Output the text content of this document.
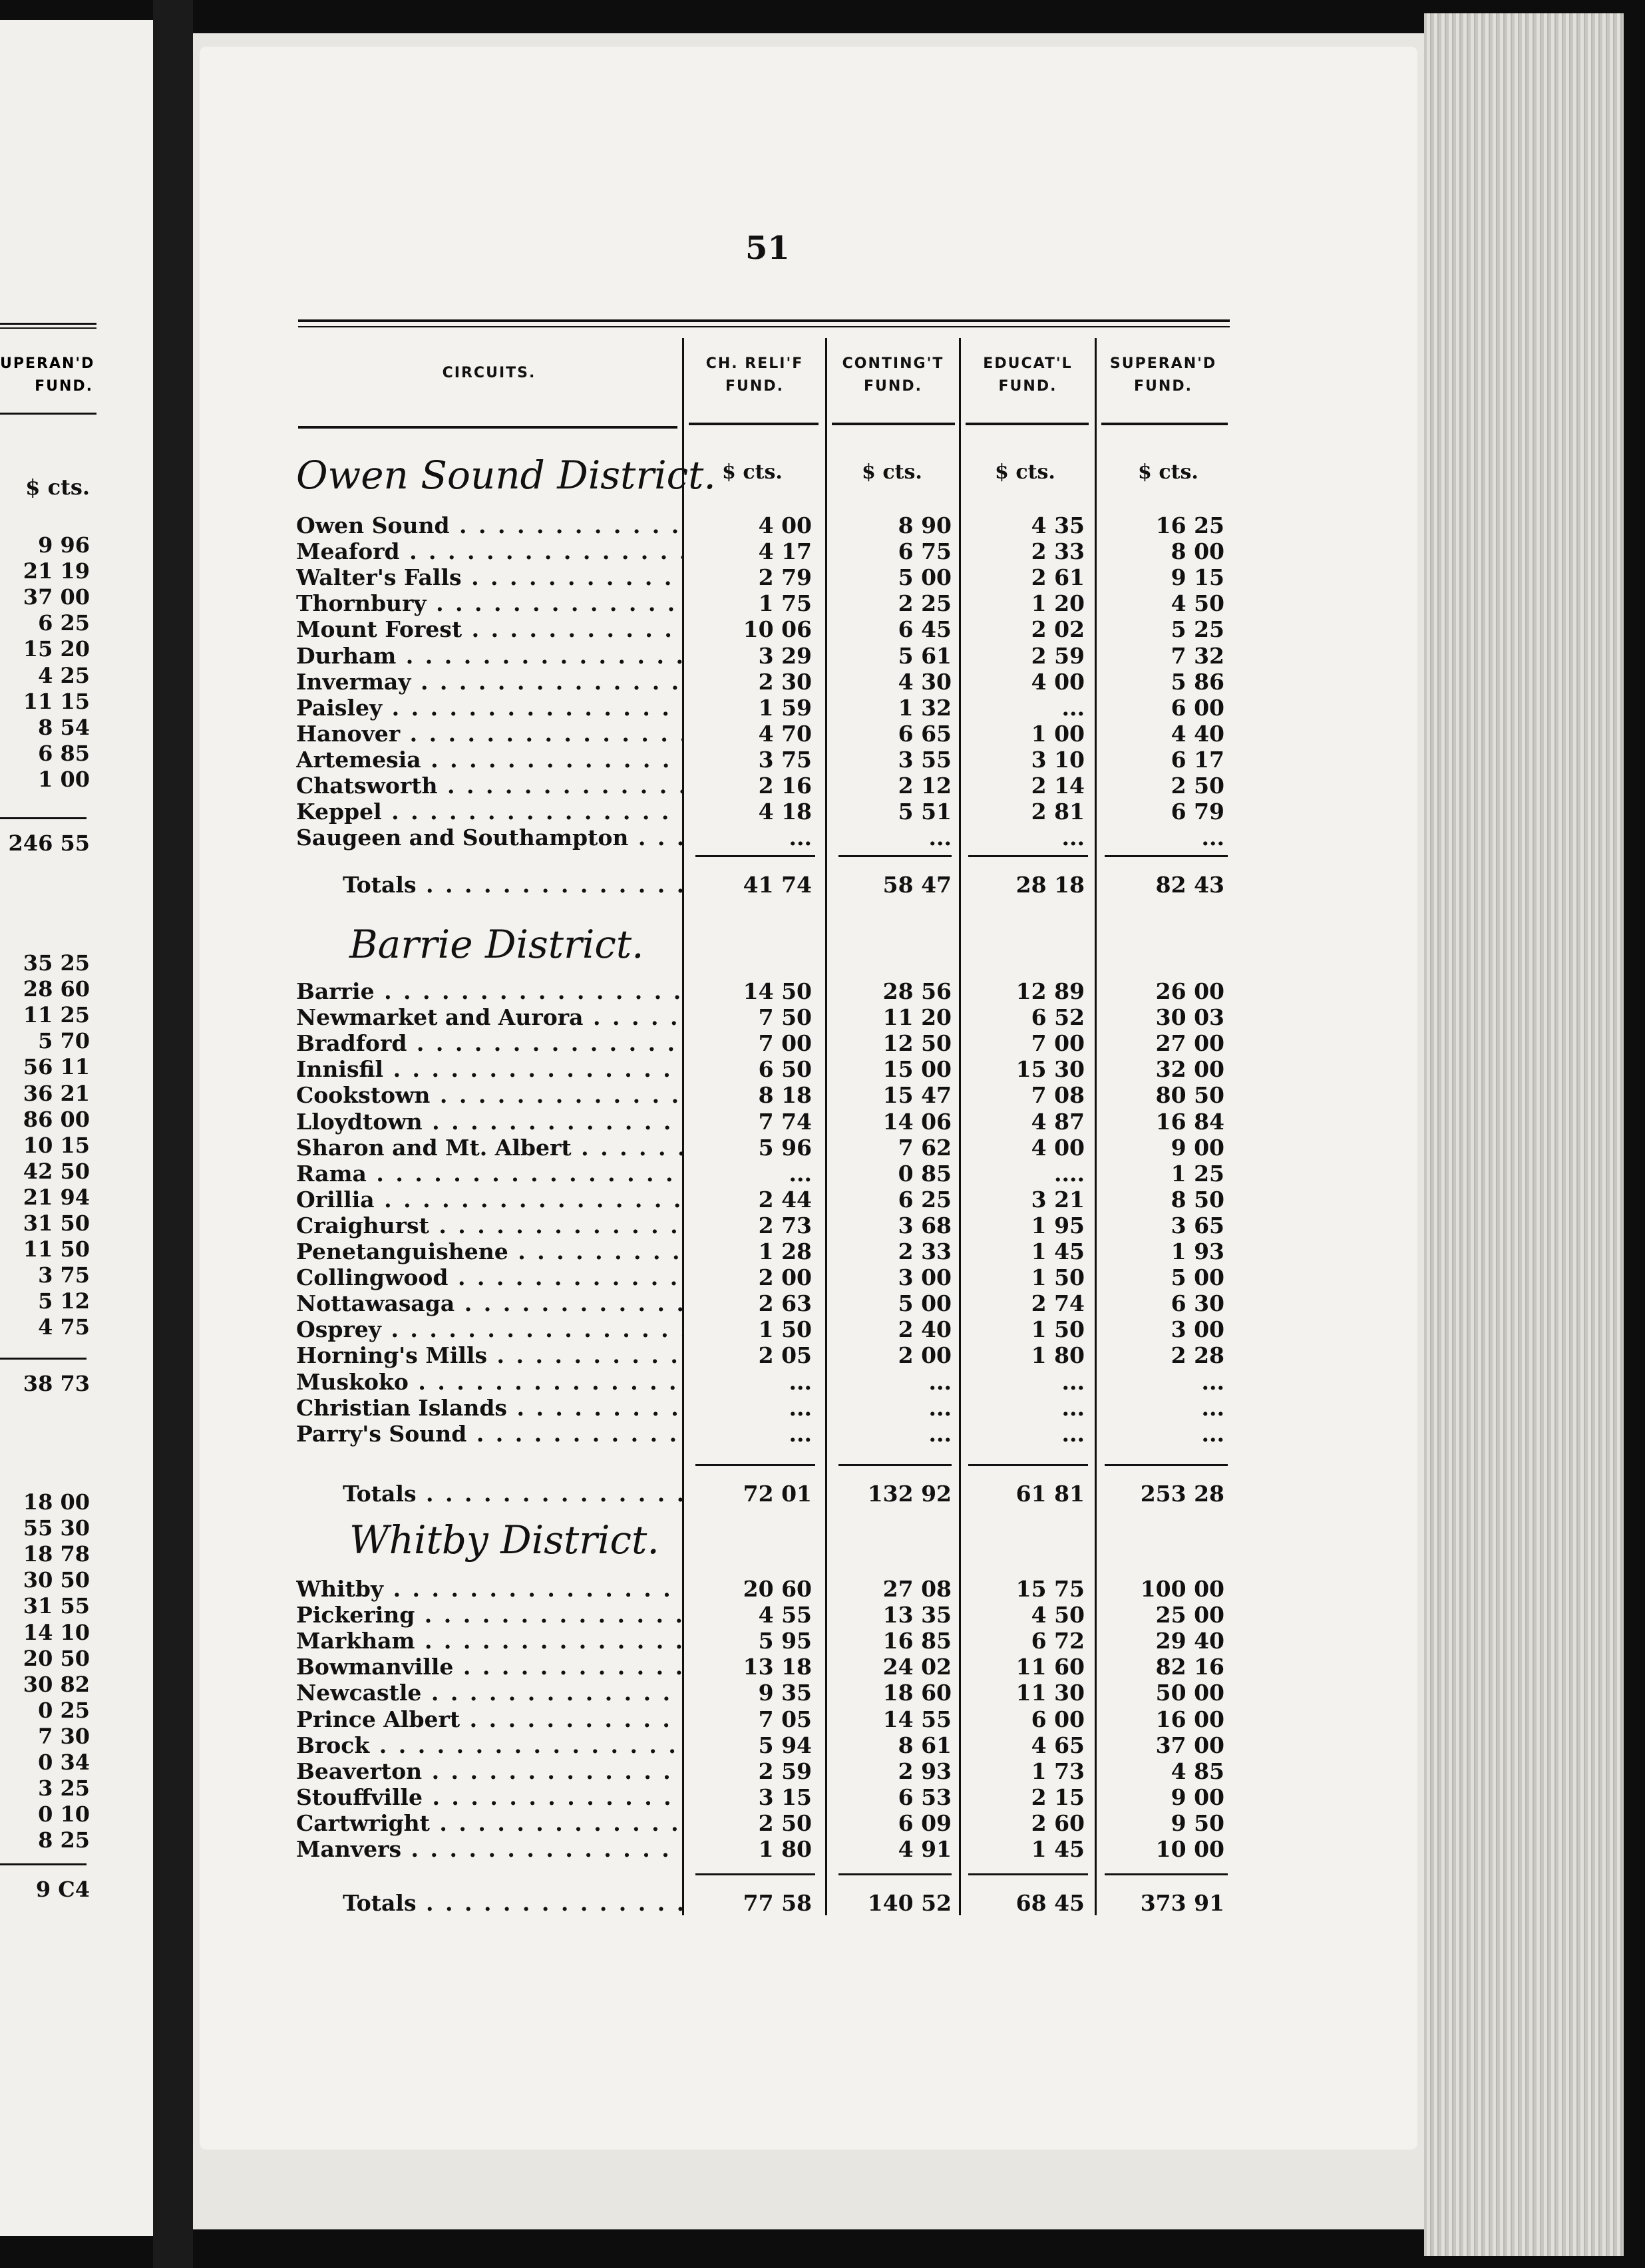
UPERAN'D
FUND.
$ cts.
9 96
21 19
37 00
6 25
15 20
4 25
11 15
8 54
6 85
1 00
246 55
35 25
28 60
11 25
5 70
56 11
36 21
86 00
10 15
42 50
21 94
31 50
11 50
3 75
5 12
4 75
38 73
18 00
55 30
18 78
30 50
31 55
14 10
20 50
30 82
0 25
7 30
0 34
3 25
0 10
8 25
9 C4
51
CIRCUITS.
CH. RELI'F
FUND.
CONTING'T
FUND.
EDUCAT'L
FUND.
SUPERAN'D
FUND.
$ cts.	$ cts.	$ cts.	$ cts.
Owen Sound District.
Barrie District.
Whitby District.
Owen Sound . . .	4 00	8 90	4 35	16 25
Meaford . . .	4 17	6 75	2 33	8 00
Walter's Falls . . .	2 79	5 00	2 61	9 15
Thornbury . . .	1 75	2 25	1 20	4 50
Mount Forest . . .	10 06	6 45	2 02	5 25
Durham . . .	3 29	5 61	2 59	7 32
Invermay . . .	2 30	4 30	4 00	5 86
Paisley . . .	1 59	1 32	...	6 00
Hanover . . .	4 70	6 65	1 00	4 40
Artemesia . . .	3 75	3 55	3 10	6 17
Chatsworth . . .	2 16	2 12	2 14	2 50
Keppel . . .	4 18	5 51	2 81	6 79
Saugeen and Southampton . . .	...	...	...	...
Totals . . .	41 74	58 47	28 18	82 43
Barrie . . .	14 50	28 56	12 89	26 00
Newmarket and Aurora . . .	7 50	11 20	6 52	30 03
Bradford . . .	7 00	12 50	7 00	27 00
Innisfil . . .	6 50	15 00	15 30	32 00
Cookstown . . .	8 18	15 47	7 08	80 50
Lloydtown . . .	7 74	14 06	4 87	16 84
Sharon and Mt. Albert . . .	5 96	7 62	4 00	9 00
Rama . . .	...	0 85	....	1 25
Orillia . . .	2 44	6 25	3 21	8 50
Craighurst . . .	2 73	3 68	1 95	3 65
Penetanguishene . . .	1 28	2 33	1 45	1 93
Collingwood . . .	2 00	3 00	1 50	5 00
Nottawasaga . . .	2 63	5 00	2 74	6 30
Osprey . . .	1 50	2 40	1 50	3 00
Horning's Mills . . .	2 05	2 00	1 80	2 28
Muskoko . . .	...	...	...	...
Christian Islands . . .	...	...	...	...
Parry's Sound . . .	...	...	...	...
Totals . . .	72 01	132 92	61 81	253 28
Whitby . . .	20 60	27 08	15 75	100 00
Pickering . . .	4 55	13 35	4 50	25 00
Markham . . .	5 95	16 85	6 72	29 40
Bowmanville . . .	13 18	24 02	11 60	82 16
Newcastle . . .	9 35	18 60	11 30	50 00
Prince Albert . . .	7 05	14 55	6 00	16 00
Brock . . .	5 94	8 61	4 65	37 00
Beaverton . . .	2 59	2 93	1 73	4 85
Stouffville . . .	3 15	6 53	2 15	9 00
Cartwright . . .	2 50	6 09	2 60	9 50
Manvers . . .	1 80	4 91	1 45	10 00
Totals . . .	77 58	140 52	68 45	373 91
